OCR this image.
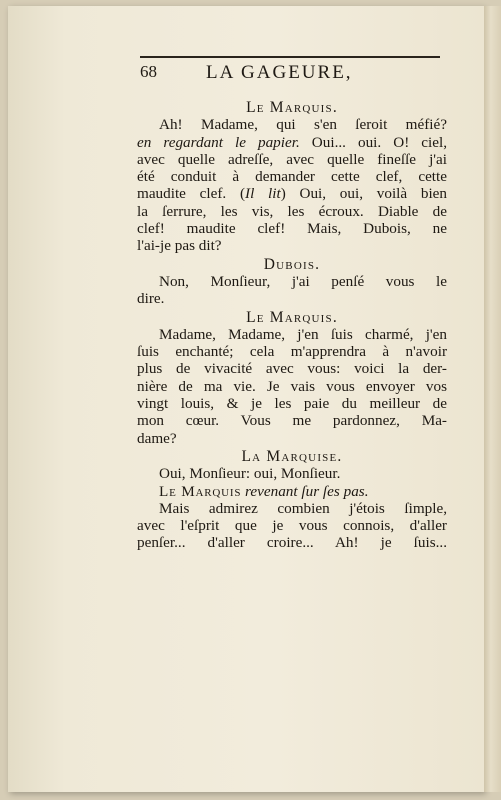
68	LA GAGEURE,
Le Marquis.
Ah! Madame, qui s'en ſeroit méfié?
en regardant le papier. Oui... oui. O! ciel,
avec quelle adreſſe, avec quelle fineſſe j'ai
été conduit à demander cette clef, cette
maudite clef. (Il lit) Oui, oui, voilà bien
la ſerrure, les vis, les écroux. Diable de
clef! maudite clef! Mais, Dubois, ne
l'ai-je pas dit?
Dubois.
Non, Monſieur, j'ai penſé vous le
dire.
Le Marquis.
Madame, Madame, j'en ſuis charmé, j'en
ſuis enchanté; cela m'apprendra à n'avoir
plus de vivacité avec vous: voici la der-
nière de ma vie. Je vais vous envoyer vos
vingt louis, & je les paie du meilleur de
mon cœur. Vous me pardonnez, Ma-
dame?
La Marquise.
Oui, Monſieur: oui, Monſieur.
Le Marquis revenant ſur ſes pas.
Mais admirez combien j'étois ſimple,
avec l'eſprit que je vous connois, d'aller
penſer... d'aller croire... Ah! je ſuis...
